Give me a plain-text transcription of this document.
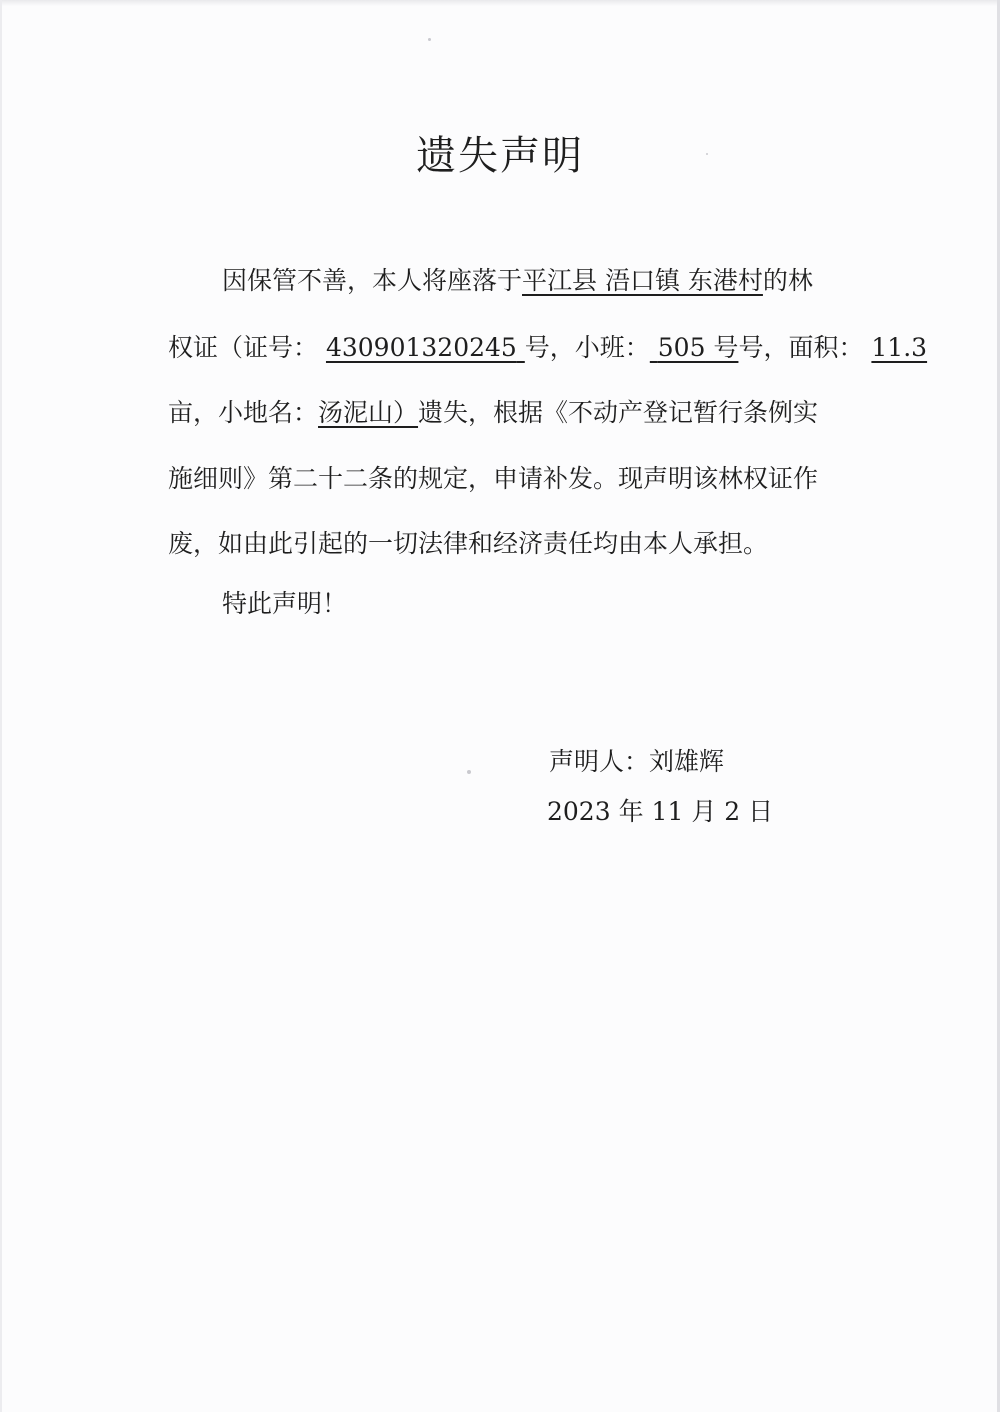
遗失声明
因保管不善，本人将座落于平江县 浯口镇 东港村的林
权证（证号： 430901320245 号，小班： 505 号号，面积： 11.3
亩，小地名：汤泥山）遗失，根据《不动产登记暂行条例实
施细则》第二十二条的规定，申请补发。现声明该林权证作
废，如由此引起的一切法律和经济责任均由本人承担。
特此声明！
声明人：刘雄辉
2023 年 11 月 2 日
